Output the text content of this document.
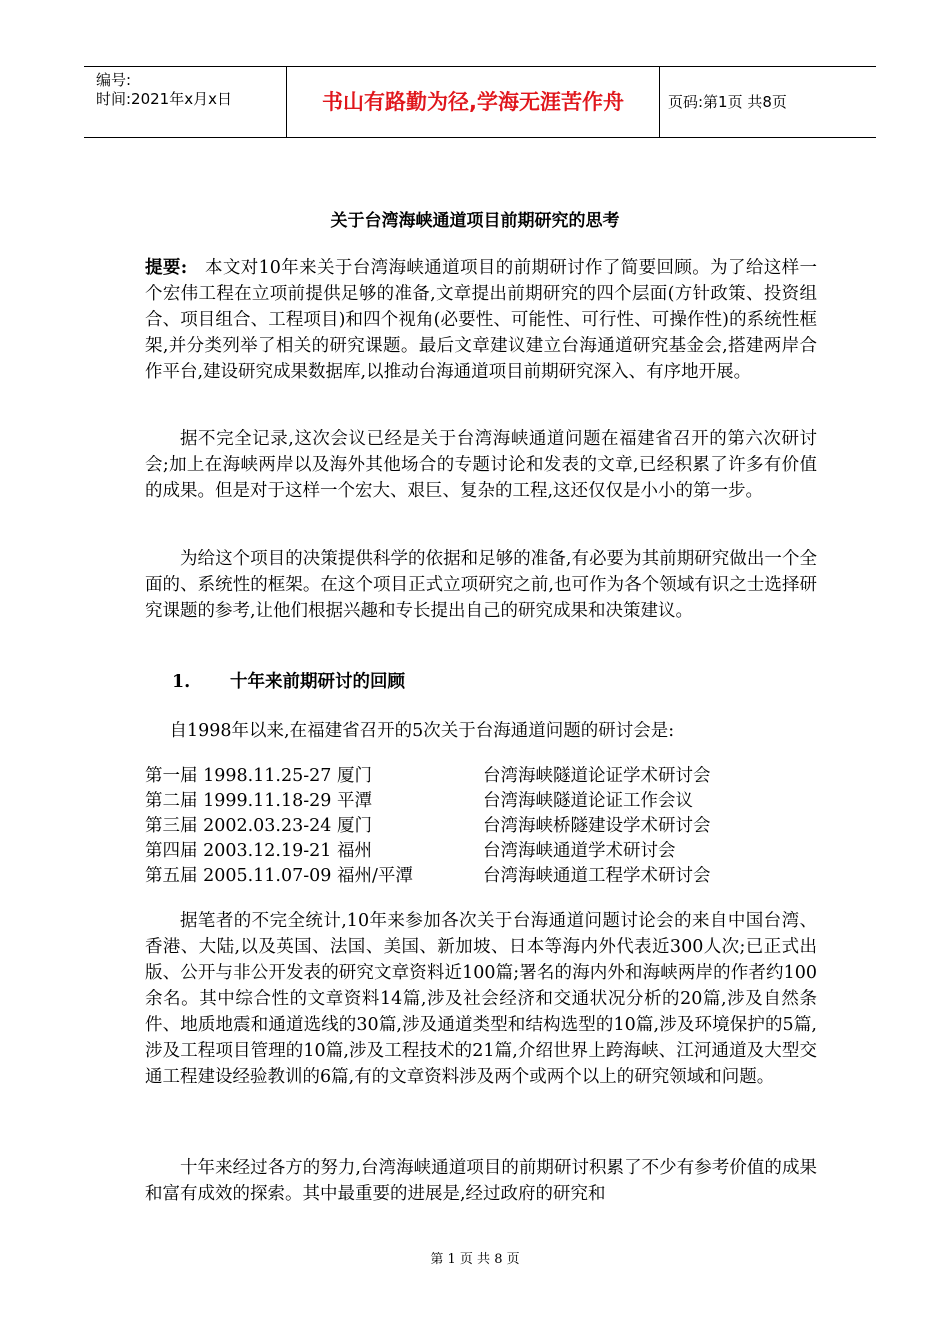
编号:
时间:2021年x月x日	书山有路勤为径,学海无涯苦作舟	页码:第1页 共8页
关于台湾海峡通道项目前期研究的思考

提要: 本文对10年来关于台湾海峡通道项目的前期研讨作了简要回顾。为了给这样一个宏伟工程在立项前提供足够的准备,文章提出前期研究的四个层面(方针政策、投资组合、项目组合、工程项目)和四个视角(必要性、可能性、可行性、可操作性)的系统性框架,并分类列举了相关的研究课题。最后文章建议建立台海通道研究基金会,搭建两岸合作平台,建设研究成果数据库,以推动台海通道项目前期研究深入、有序地开展。

据不完全记录,这次会议已经是关于台湾海峡通道问题在福建省召开的第六次研讨会;加上在海峡两岸以及海外其他场合的专题讨论和发表的文章,已经积累了许多有价值的成果。但是对于这样一个宏大、艰巨、复杂的工程,这还仅仅是小小的第一步。

为给这个项目的决策提供科学的依据和足够的准备,有必要为其前期研究做出一个全面的、系统性的框架。在这个项目正式立项研究之前,也可作为各个领域有识之士选择研究课题的参考,让他们根据兴趣和专长提出自己的研究成果和决策建议。

1. 十年来前期研讨的回顾

自1998年以来,在福建省召开的5次关于台海通道问题的研讨会是:

第一届 1998.11.25-27 厦门	台湾海峡隧道论证学术研讨会
第二届 1999.11.18-29 平潭	台湾海峡隧道论证工作会议
第三届 2002.03.23-24 厦门	台湾海峡桥隧建设学术研讨会
第四届 2003.12.19-21 福州	台湾海峡通道学术研讨会
第五届 2005.11.07-09 福州/平潭	台湾海峡通道工程学术研讨会

据笔者的不完全统计,10年来参加各次关于台海通道问题讨论会的来自中国台湾、香港、大陆,以及英国、法国、美国、新加坡、日本等海内外代表近300人次;已正式出版、公开与非公开发表的研究文章资料近100篇;署名的海内外和海峡两岸的作者约100余名。其中综合性的文章资料14篇,涉及社会经济和交通状况分析的20篇,涉及自然条件、地质地震和通道选线的30篇,涉及通道类型和结构选型的10篇,涉及环境保护的5篇,涉及工程项目管理的10篇,涉及工程技术的21篇,介绍世界上跨海峡、江河通道及大型交通工程建设经验教训的6篇,有的文章资料涉及两个或两个以上的研究领域和问题。

十年来经过各方的努力,台湾海峡通道项目的前期研讨积累了不少有参考价值的成果和富有成效的探索。其中最重要的进展是,经过政府的研究和

第 1 页 共 8 页
